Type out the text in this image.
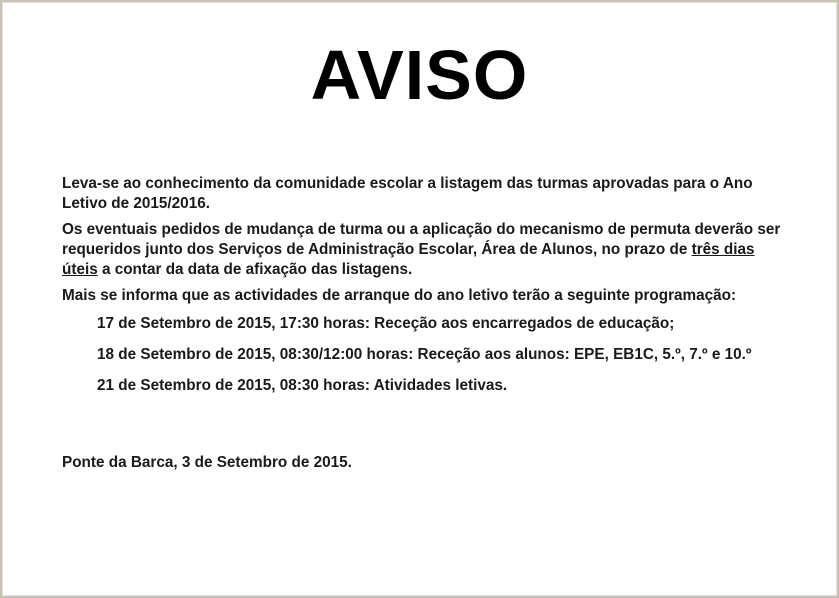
AVISO

Leva-se ao conhecimento da comunidade escolar a listagem das turmas aprovadas para o Ano Letivo de 2015/2016.

Os eventuais pedidos de mudança de turma ou a aplicação do mecanismo de permuta deverão ser requeridos junto dos Serviços de Administração Escolar, Área de Alunos, no prazo de três dias úteis a contar da data de afixação das listagens.

Mais se informa que as actividades de arranque do ano letivo terão a seguinte programação:

17 de Setembro de 2015, 17:30 horas: Receção aos encarregados de educação;

18 de Setembro de 2015, 08:30/12:00 horas: Receção aos alunos: EPE, EB1C, 5.º, 7.º e 10.º

21 de Setembro de 2015, 08:30 horas: Atividades letivas.

Ponte da Barca, 3 de Setembro de 2015.
